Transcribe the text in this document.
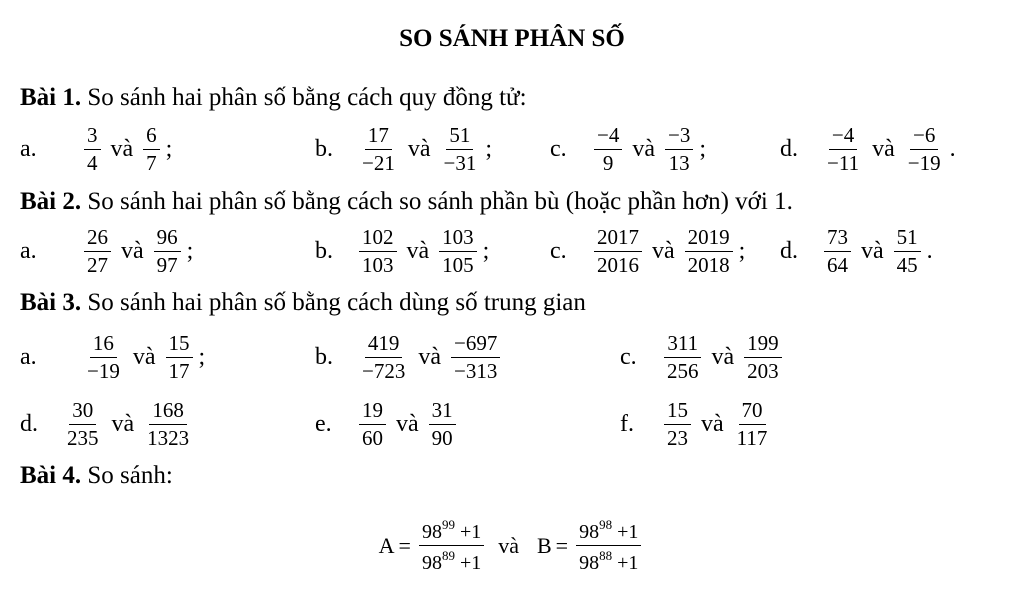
SO SÁNH PHÂN SỐ
Bài 1. So sánh hai phân số bằng cách quy đồng tử:
Bài 2. So sánh hai phân số bằng cách so sánh phần bù (hoặc phần hơn) với 1.
Bài 3. So sánh hai phân số bằng cách dùng số trung gian
Bài 4. So sánh:
a.	$\frac{3}{4}$ và $\frac{6}{7}$ ;	b.	$\frac{17}{-21}$ và $\frac{51}{-31}$ ; c.	$\frac{-4}{9}$ và $\frac{-3}{13}$ ;	d.	$\frac{-4}{-11}$ và $\frac{-6}{-19}$ .
a.	$\frac{26}{27}$ và $\frac{96}{97}$ ;	b.	$\frac{102}{103}$ và $\frac{103}{105}$ ;	c.	$\frac{2017}{2016}$ và $\frac{2019}{2018}$ ; d.	$\frac{73}{64}$ và $\frac{51}{45}$ .
a.	$\frac{16}{-19}$ và $\frac{15}{17}$ ;	b.	$\frac{419}{-723}$ và $\frac{-697}{-313}$	c.	$\frac{311}{256}$ và $\frac{199}{203}$
d.	$\frac{30}{235}$ và $\frac{168}{1323}$	e.	$\frac{19}{60}$ và $\frac{31}{90}$	f.	$\frac{15}{23}$ và $\frac{70}{117}$
$A = \frac{98^{99} +1}{98^{89} +1}$ và $B = \frac{98^{98} +1}{98^{88} +1}$
